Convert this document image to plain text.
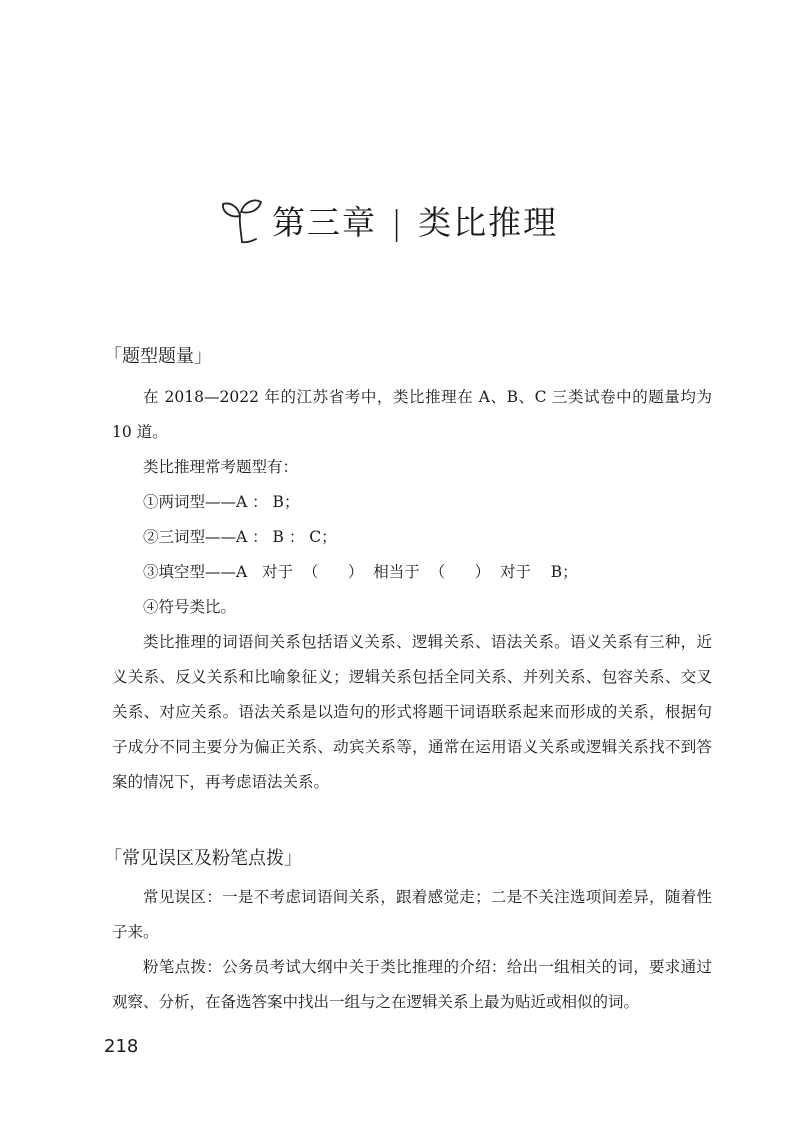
第三章 | 类比推理
「题型题量」

在 2018—2022 年的江苏省考中，类比推理在 A、B、C 三类试卷中的题量均为 10 道。

类比推理常考题型有：

①两词型——A ： B；

②三词型——A ： B ： C；

③填空型——A   对于  （      ）  相当于  （      ）  对于    B；

④符号类比。

类比推理的词语间关系包括语义关系、逻辑关系、语法关系。语义关系有三种，近义关系、反义关系和比喻象征义；逻辑关系包括全同关系、并列关系、包容关系、交叉关系、对应关系。语法关系是以造句的形式将题干词语联系起来而形成的关系，根据句子成分不同主要分为偏正关系、动宾关系等，通常在运用语义关系或逻辑关系找不到答案的情况下，再考虑语法关系。

「常见误区及粉笔点拨」

常见误区：一是不考虑词语间关系，跟着感觉走；二是不关注选项间差异，随着性子来。

粉笔点拨：公务员考试大纲中关于类比推理的介绍：给出一组相关的词，要求通过观察、分析，在备选答案中找出一组与之在逻辑关系上最为贴近或相似的词。

218
